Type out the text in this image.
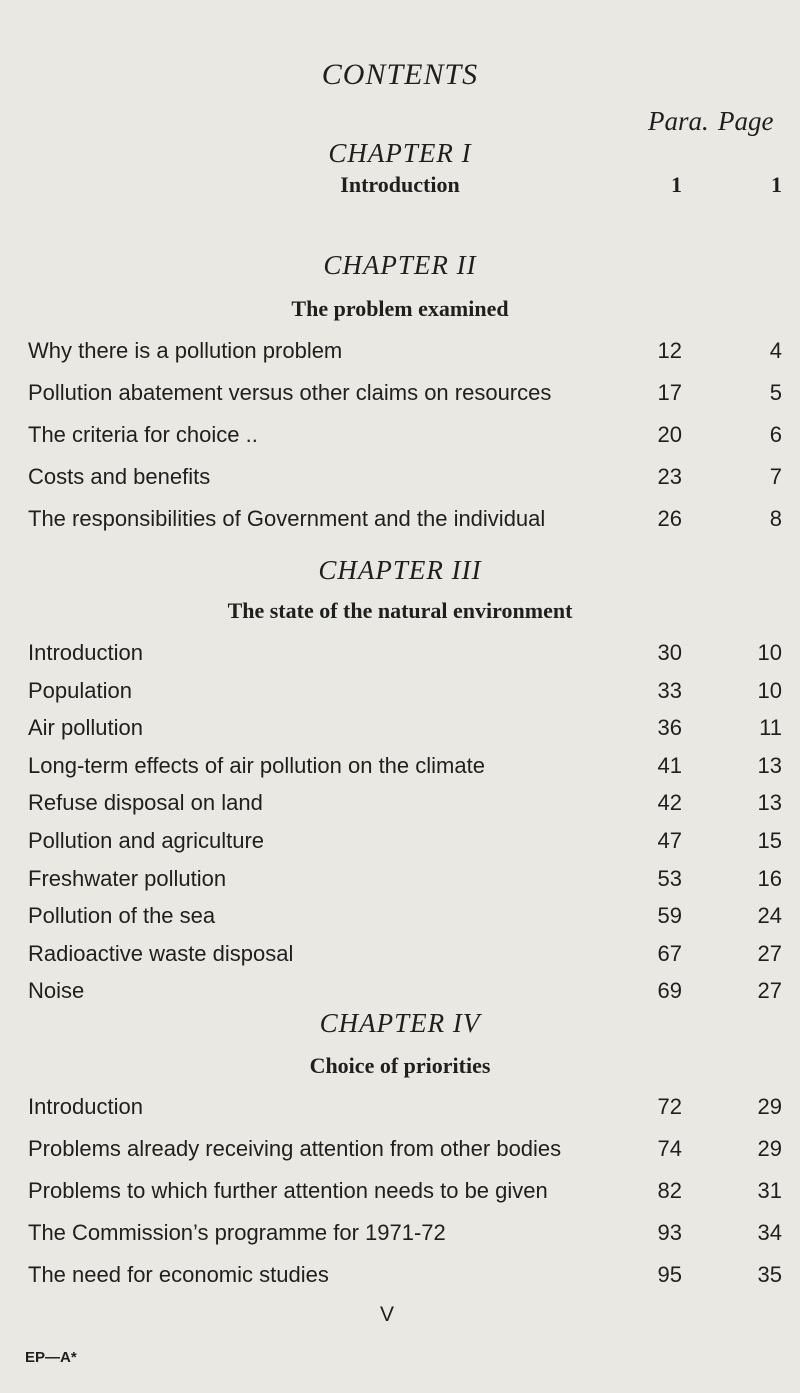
CONTENTS
Para. Page
CHAPTER I
Introduction	1	1
CHAPTER II
The problem examined
Why there is a pollution problem	12	4
Pollution abatement versus other claims on resources	17	5
The criteria for choice ..	20	6
Costs and benefits	23	7
The responsibilities of Government and the individual	26	8
CHAPTER III
The state of the natural environment
Introduction	30	10
Population	33	10
Air pollution	36	11
Long-term effects of air pollution on the climate	41	13
Refuse disposal on land	42	13
Pollution and agriculture	47	15
Freshwater pollution	53	16
Pollution of the sea	59	24
Radioactive waste disposal	67	27
Noise	69	27
CHAPTER IV
Choice of priorities
Introduction	72	29
Problems already receiving attention from other bodies	74	29
Problems to which further attention needs to be given	82	31
The Commission’s programme for 1971-72	93	34
The need for economic studies	95	35
V
EP—A*
